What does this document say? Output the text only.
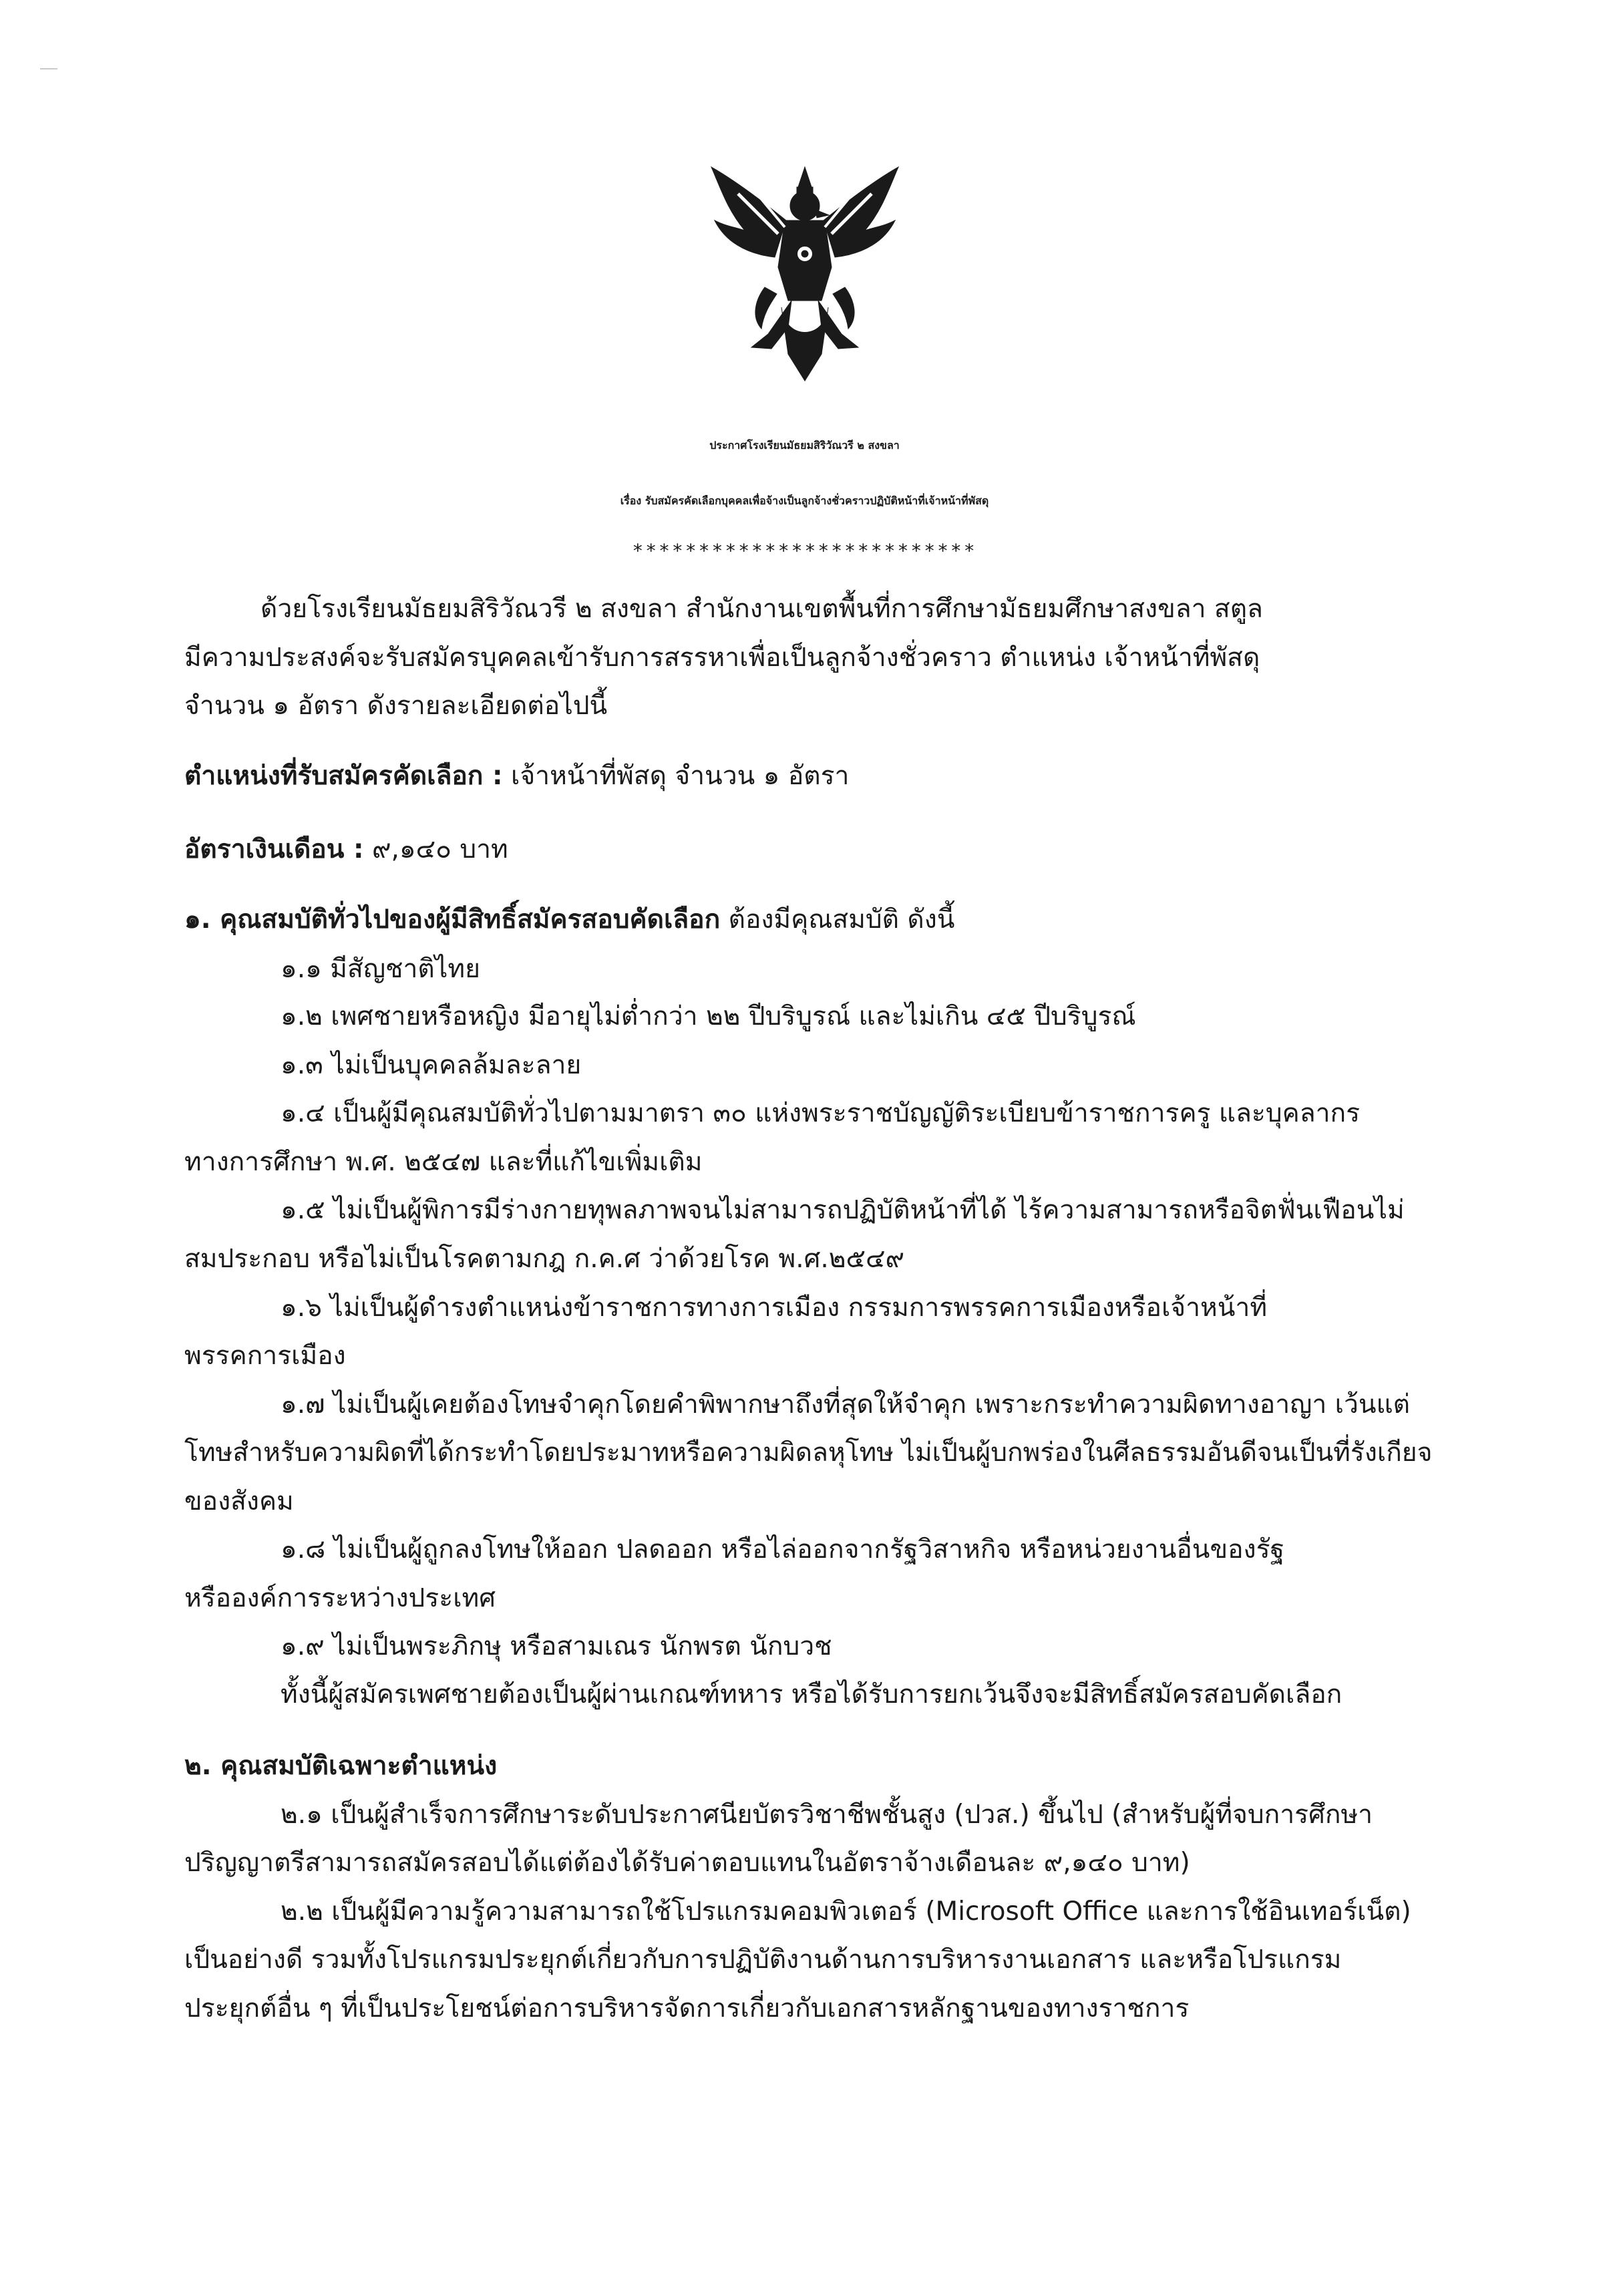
ประกาศโรงเรียนมัธยมสิริวัณวรี ๒ สงขลา
เรื่อง รับสมัครคัดเลือกบุคคลเพื่อจ้างเป็นลูกจ้างชั่วคราวปฏิบัติหน้าที่เจ้าหน้าที่พัสดุ
**************************
ด้วยโรงเรียนมัธยมสิริวัณวรี ๒ สงขลา สำนักงานเขตพื้นที่การศึกษามัธยมศึกษาสงขลา สตูล
มีความประสงค์จะรับสมัครบุคคลเข้ารับการสรรหาเพื่อเป็นลูกจ้างชั่วคราว ตำแหน่ง เจ้าหน้าที่พัสดุ
จำนวน ๑ อัตรา ดังรายละเอียดต่อไปนี้
ตำแหน่งที่รับสมัครคัดเลือก : เจ้าหน้าที่พัสดุ จำนวน ๑ อัตรา
อัตราเงินเดือน : ๙,๑๔๐ บาท
๑. คุณสมบัติทั่วไปของผู้มีสิทธิ์สมัครสอบคัดเลือก ต้องมีคุณสมบัติ ดังนี้
๑.๑ มีสัญชาติไทย
๑.๒ เพศชายหรือหญิง มีอายุไม่ต่ำกว่า ๒๒ ปีบริบูรณ์ และไม่เกิน ๔๕ ปีบริบูรณ์
๑.๓ ไม่เป็นบุคคลล้มละลาย
๑.๔ เป็นผู้มีคุณสมบัติทั่วไปตามมาตรา ๓๐ แห่งพระราชบัญญัติระเบียบข้าราชการครู และบุคลากร
ทางการศึกษา พ.ศ. ๒๕๔๗ และที่แก้ไขเพิ่มเติม
๑.๕ ไม่เป็นผู้พิการมีร่างกายทุพลภาพจนไม่สามารถปฏิบัติหน้าที่ได้ ไร้ความสามารถหรือจิตฟั่นเฟือนไม่
สมประกอบ หรือไม่เป็นโรคตามกฎ ก.ค.ศ ว่าด้วยโรค พ.ศ.๒๕๔๙
๑.๖ ไม่เป็นผู้ดำรงตำแหน่งข้าราชการทางการเมือง กรรมการพรรคการเมืองหรือเจ้าหน้าที่
พรรคการเมือง
๑.๗ ไม่เป็นผู้เคยต้องโทษจำคุกโดยคำพิพากษาถึงที่สุดให้จำคุก เพราะกระทำความผิดทางอาญา เว้นแต่
โทษสำหรับความผิดที่ได้กระทำโดยประมาทหรือความผิดลหุโทษ ไม่เป็นผู้บกพร่องในศีลธรรมอันดีจนเป็นที่รังเกียจ
ของสังคม
๑.๘ ไม่เป็นผู้ถูกลงโทษให้ออก ปลดออก หรือไล่ออกจากรัฐวิสาหกิจ หรือหน่วยงานอื่นของรัฐ
หรือองค์การระหว่างประเทศ
๑.๙ ไม่เป็นพระภิกษุ หรือสามเณร นักพรต นักบวช
ทั้งนี้ผู้สมัครเพศชายต้องเป็นผู้ผ่านเกณฑ์ทหาร หรือได้รับการยกเว้นจึงจะมีสิทธิ์สมัครสอบคัดเลือก
๒. คุณสมบัติเฉพาะตำแหน่ง
๒.๑ เป็นผู้สำเร็จการศึกษาระดับประกาศนียบัตรวิชาชีพชั้นสูง (ปวส.) ขึ้นไป (สำหรับผู้ที่จบการศึกษา
ปริญญาตรีสามารถสมัครสอบได้แต่ต้องได้รับค่าตอบแทนในอัตราจ้างเดือนละ ๙,๑๔๐ บาท)
๒.๒ เป็นผู้มีความรู้ความสามารถใช้โปรแกรมคอมพิวเตอร์ (Microsoft Office และการใช้อินเทอร์เน็ต)
เป็นอย่างดี รวมทั้งโปรแกรมประยุกต์เกี่ยวกับการปฏิบัติงานด้านการบริหารงานเอกสาร และหรือโปรแกรม
ประยุกต์อื่น ๆ ที่เป็นประโยชน์ต่อการบริหารจัดการเกี่ยวกับเอกสารหลักฐานของทางราชการ
